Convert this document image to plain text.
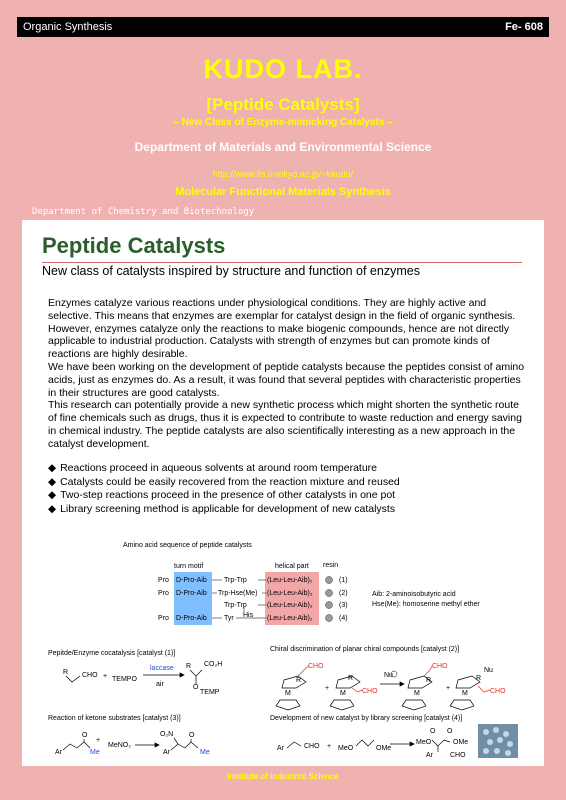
Organic Synthesis	Fe- 608
KUDO LAB.
[Peptide Catalysts]
– New Class of Enzyme-mimicking Catalysts –
Department of Materials and Environmental Science
http://www.iis.u-tokyo.ac.jp/~kkudo/
Molecular Functional Materials Synthesis
Department of Chemistry and Biotechnology
Peptide Catalysts
New class of catalysts inspired by structure and function of enzymes

Enzymes catalyze various reactions under physiological conditions. They are highly active and selective. This means that enzymes are exemplar for catalyst design in the field of organic synthesis. However, enzymes catalyze only the reactions to make biogenic compounds, hence are not directly applicable to industrial production. Catalysts with strength of enzymes but can promote kinds of reactions are highly desirable.

We have been working on the development of peptide catalysts because the peptides consist of amino acids, just as enzymes do. As a result, it was found that several peptides with characteristic properties in their structures are good catalysts.

This research can potentially provide a new synthetic process which might shorten the synthetic route of fine chemicals such as drugs, thus it is expected to contribute to waste reduction and energy saving in chemical industry. The peptide catalysts are also scientifically interesting as a new approach in the catalyst development.

◆ Reactions proceed in aqueous solvents at around room temperature
◆ Catalysts could be easily recovered from the reaction mixture and reused
◆ Two-step reactions proceed in the presence of other catalysts in one pot
◆ Library screening method is applicable for development of new catalysts
Amino acid sequence of peptide catalysts
turn motif	helical part resin
Pro D-Pro-Aib Trp-Trp	(Leu-Leu-Aib)₂	(1)
Pro D-Pro-Aib Trp-Hse(Me) (Leu-Leu-Aib)₃	(2)
Trp-Trp	(Leu-Leu-Aib)₃	(3)
Pro D-Pro-Aib Tyr His (Leu-Leu-Aib)₂	(4)
Aib: 2-aminoisobutyric acid
Hse(Me): homoserine methyl ether
Pepitde/Enzyme cocatalysis [catalyst (1)]
R CHO + TEMPO
laccase
air
R CO₂H
O
TEMP
Chiral discrimination of planar chiral compounds [catalyst (2)]
CHO
R
M
+
R
CHO
M
Nu
CHO
R
M
+
R
Nu
CHO
M
Reaction of ketone substrates [catalyst (3)]
Ar
O
+
Me
MeNO₂
O₂N
Ar
O
Me
Development of new catalyst by library screening [catalyst (4)]
Ar	CHO + MeO	OMe
MeO	OMe
O O
Ar CHO
Institute of Industrial Science
